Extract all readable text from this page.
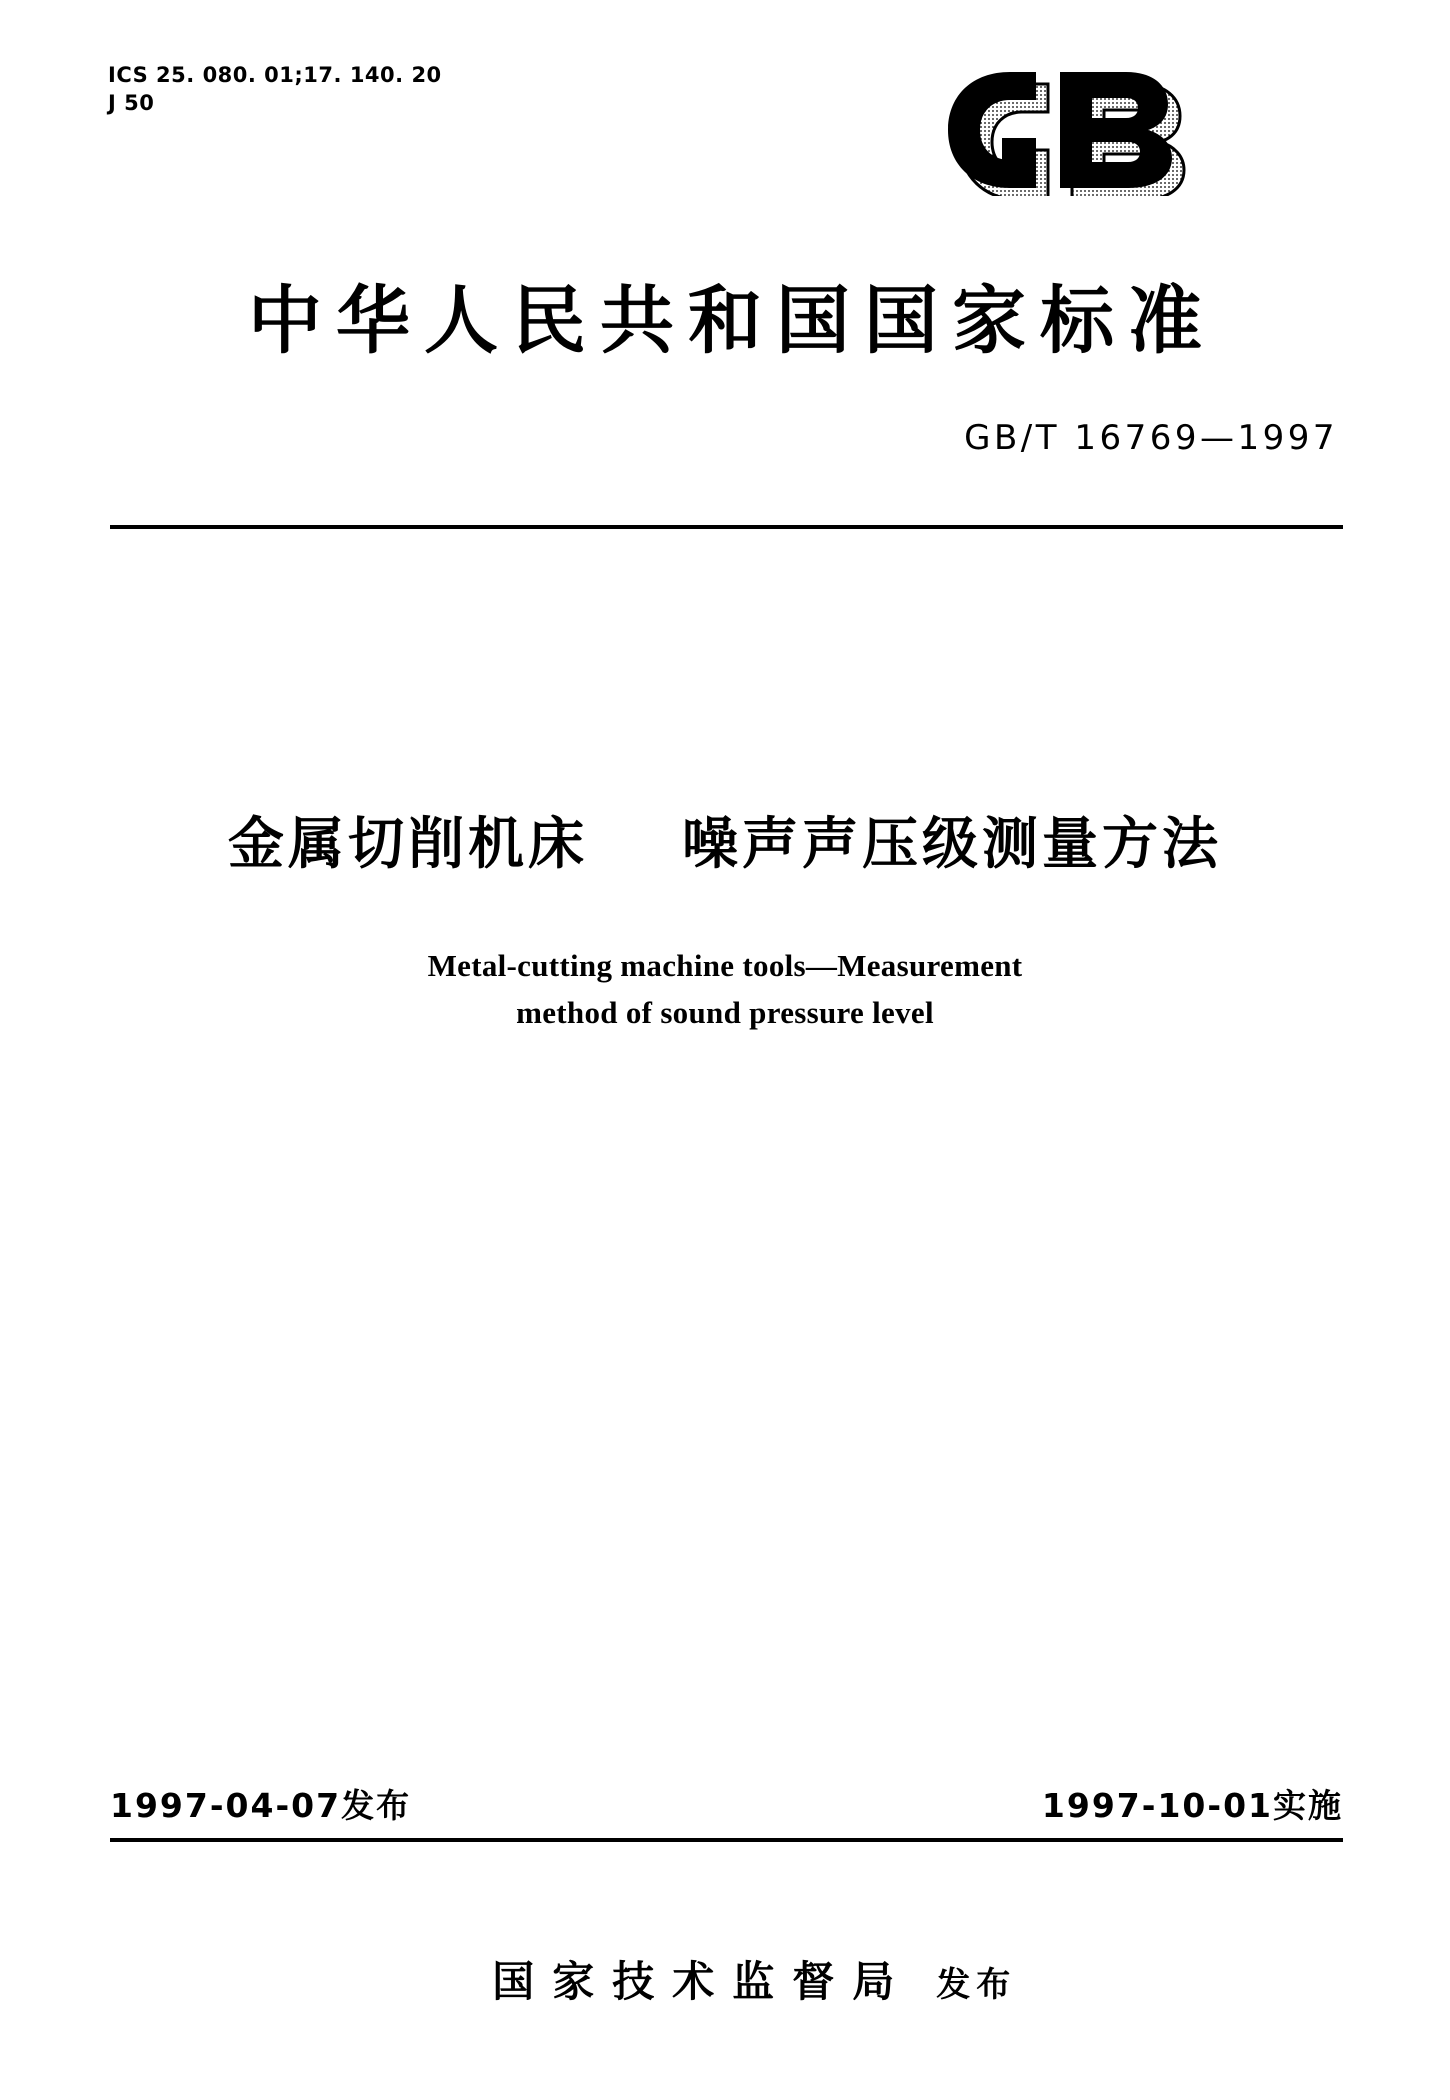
ICS 25. 080. 01;17. 140. 20
J 50
中华人民共和国国家标准
GB/T 16769—1997
金属切削机床    噪声声压级测量方法
Metal-cutting machine tools—Measurement
method of sound pressure level
1997-04-07发布	1997-10-01实施

国家技术监督局 发布
